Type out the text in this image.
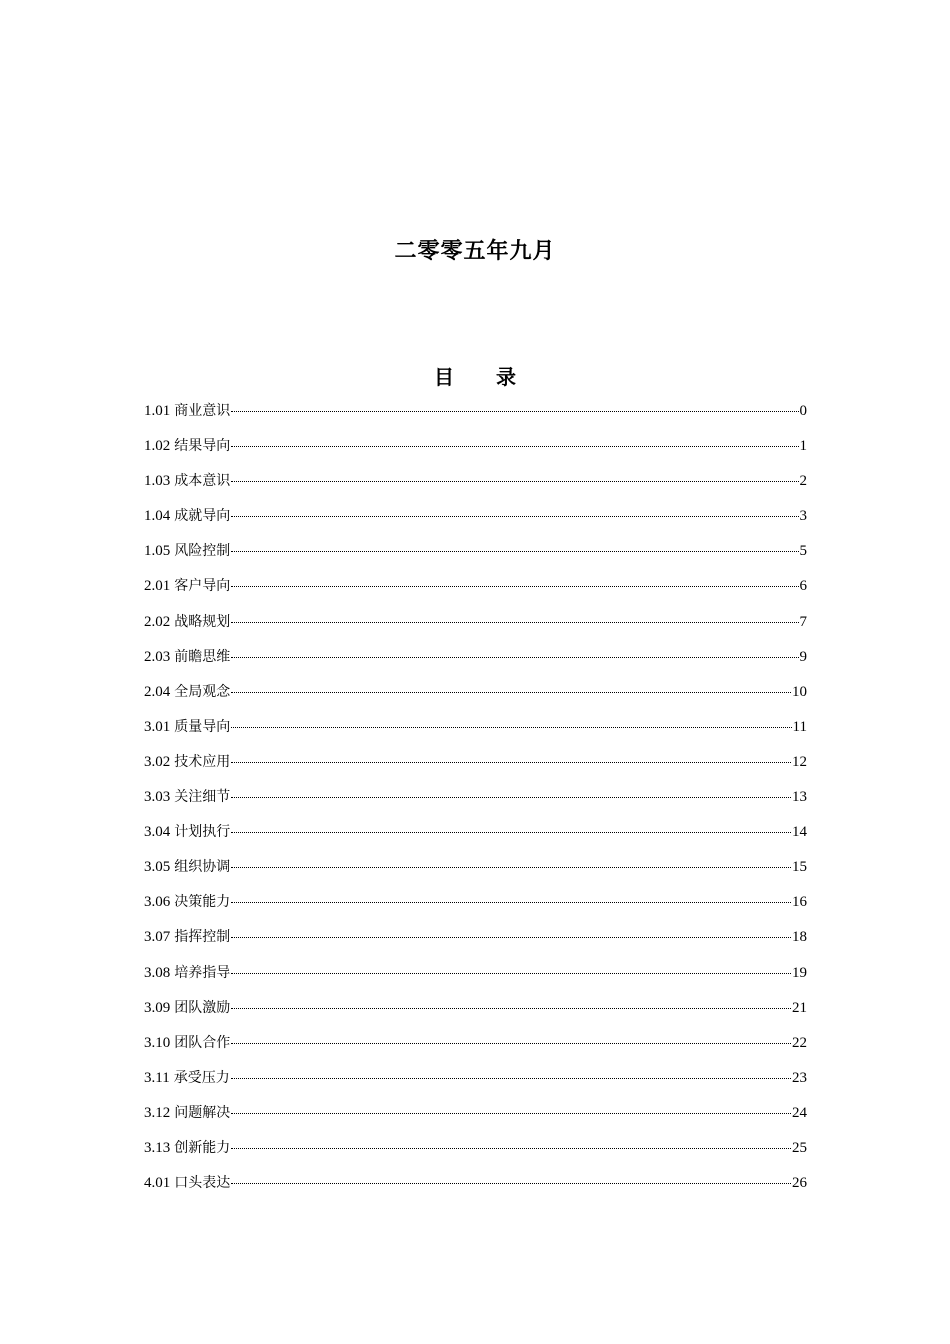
二零零五年九月
目 录
1.01 商业意识	0
1.02 结果导向	1
1.03 成本意识	2
1.04 成就导向	3
1.05 风险控制	5
2.01 客户导向	6
2.02 战略规划	7
2.03 前瞻思维	9
2.04 全局观念	10
3.01 质量导向	11
3.02 技术应用	12
3.03 关注细节	13
3.04 计划执行	14
3.05 组织协调	15
3.06 决策能力	16
3.07 指挥控制	18
3.08 培养指导	19
3.09 团队激励	21
3.10 团队合作	22
3.11 承受压力	23
3.12 问题解决	24
3.13 创新能力	25
4.01 口头表达	26
